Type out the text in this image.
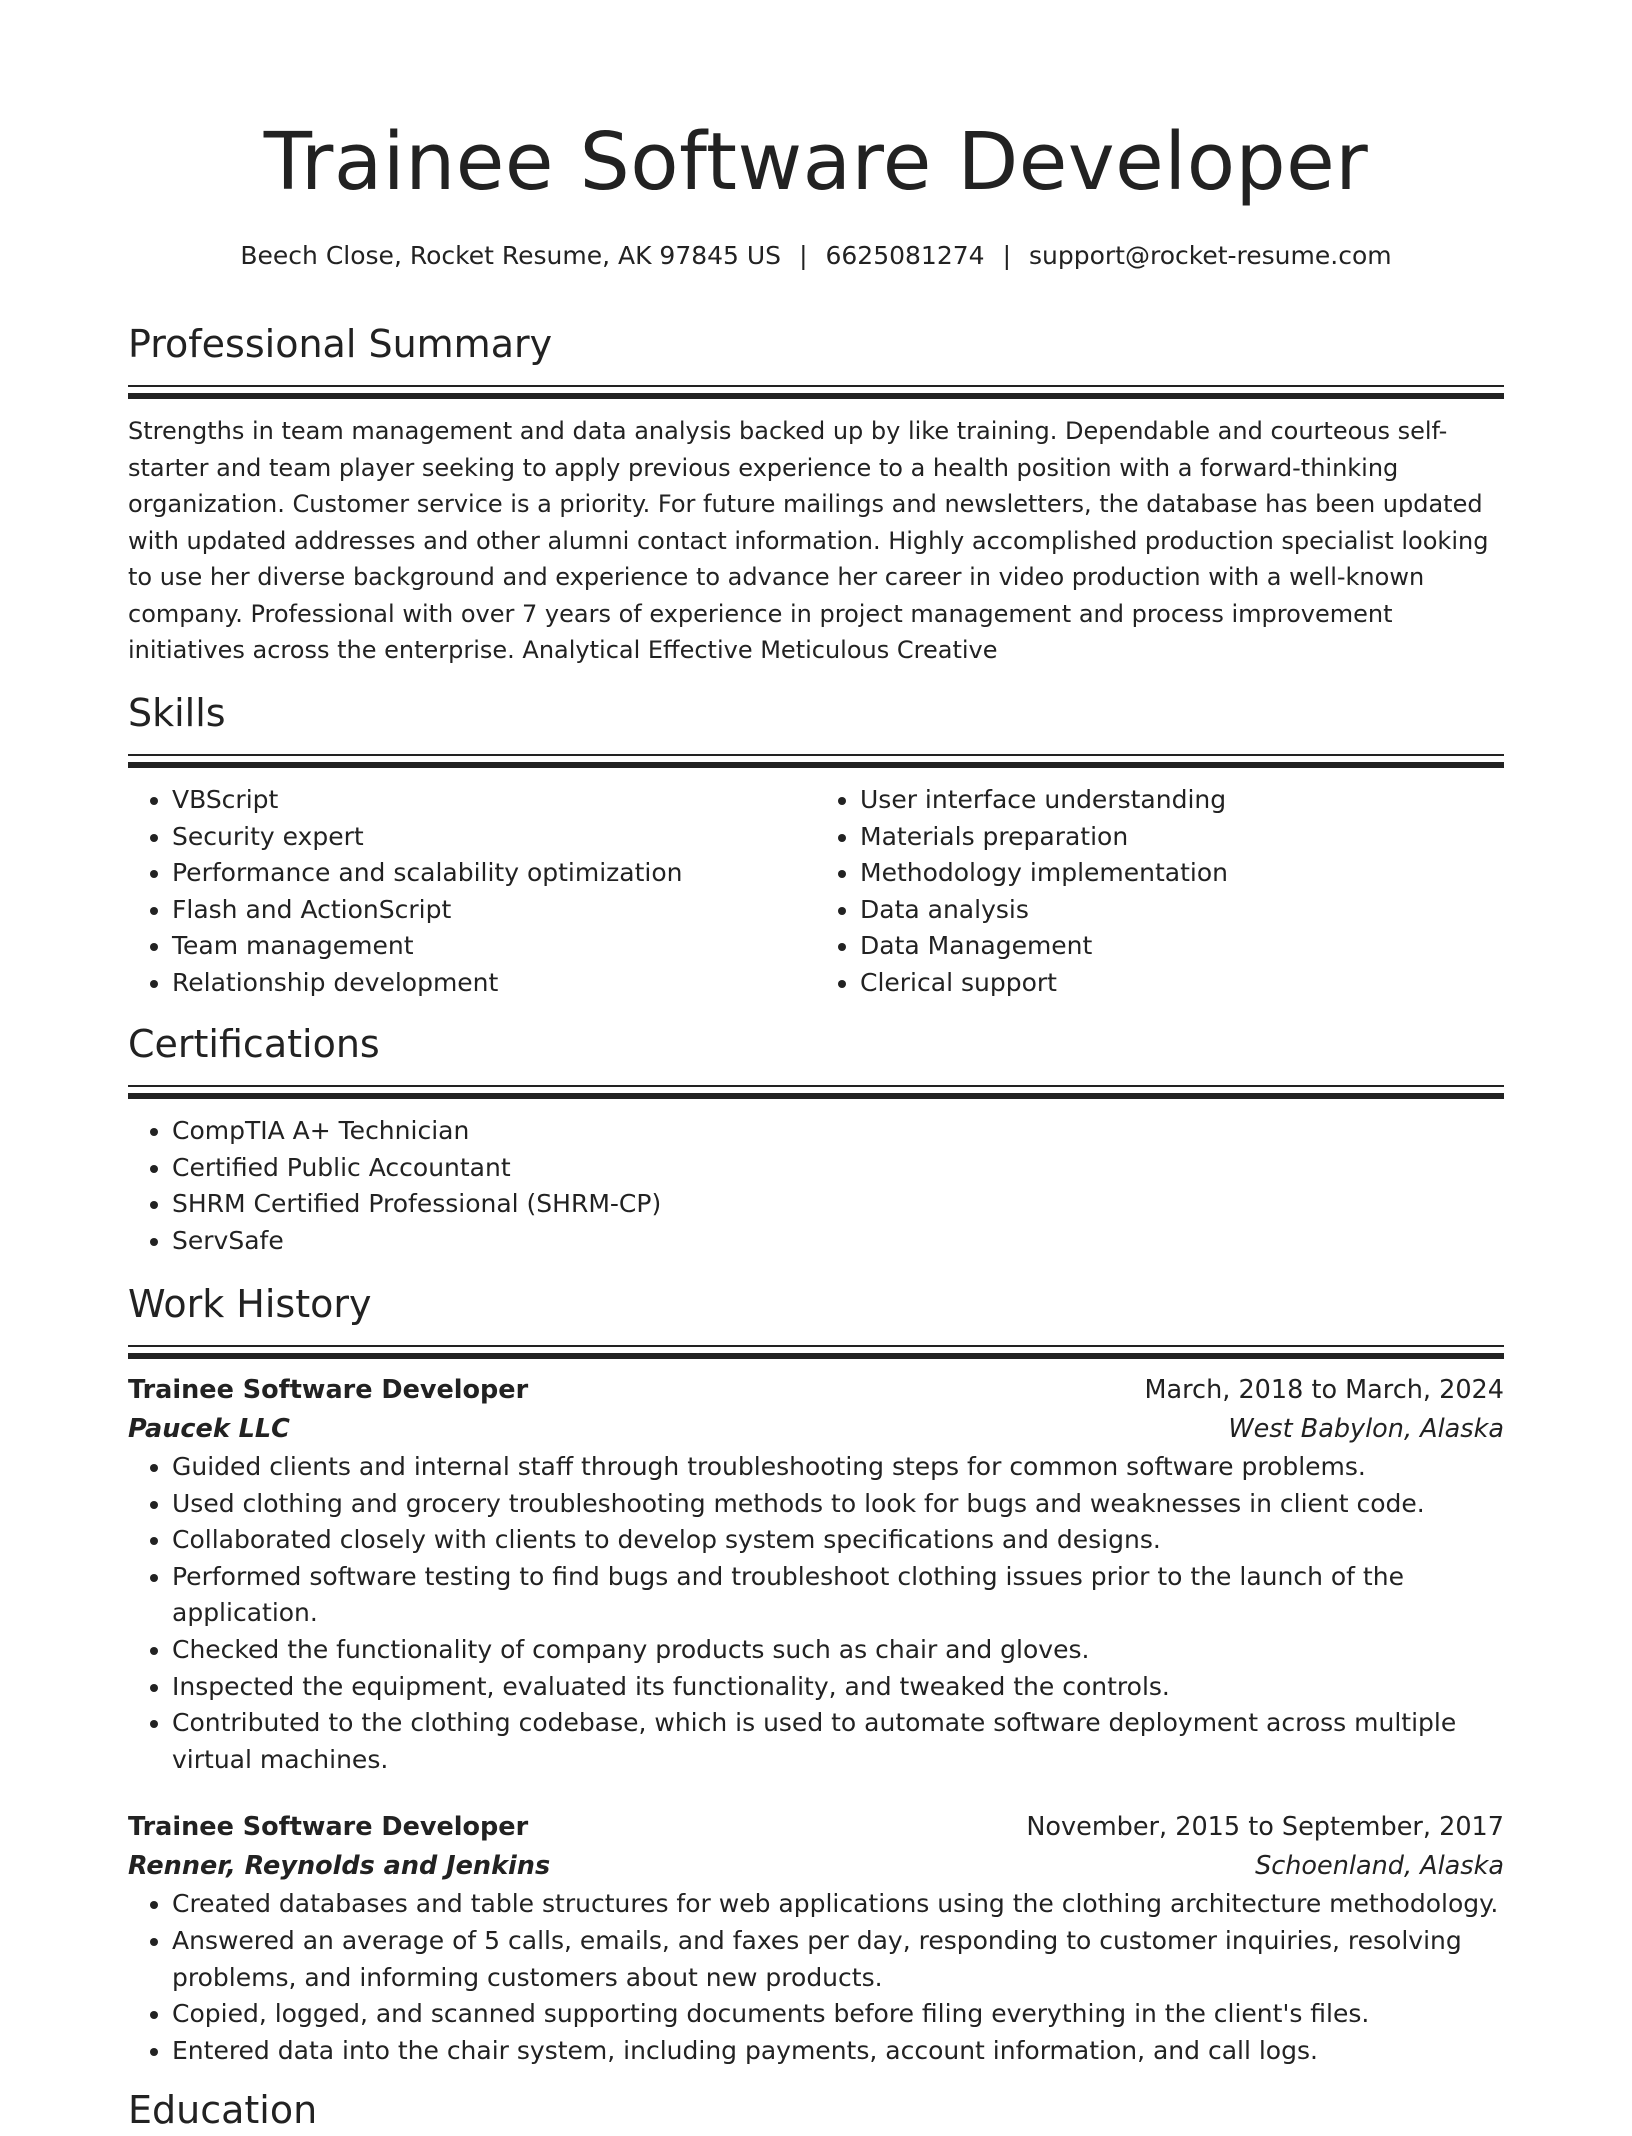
Trainee Software Developer
Beech Close, Rocket Resume, AK 97845 US | 6625081274 | support@rocket-resume.com
Professional Summary

Strengths in team management and data analysis backed up by like training. Dependable and courteous self-starter and team player seeking to apply previous experience to a health position with a forward-thinking organization. Customer service is a priority. For future mailings and newsletters, the database has been updated with updated addresses and other alumni contact information. Highly accomplished production specialist looking to use her diverse background and experience to advance her career in video production with a well-known company. Professional with over 7 years of experience in project management and process improvement initiatives across the enterprise. Analytical Effective Meticulous Creative

Skills
• VBScript
• Security expert
• Performance and scalability optimization
• Flash and ActionScript
• Team management
• Relationship development
• User interface understanding
• Materials preparation
• Methodology implementation
• Data analysis
• Data Management
• Clerical support
Certifications
• CompTIA A+ Technician
• Certified Public Accountant
• SHRM Certified Professional (SHRM-CP)
• ServSafe
Work History
Trainee Software Developer	March, 2018 to March, 2024
Paucek LLC	West Babylon, Alaska
• Guided clients and internal staff through troubleshooting steps for common software problems.
• Used clothing and grocery troubleshooting methods to look for bugs and weaknesses in client code.
• Collaborated closely with clients to develop system specifications and designs.
• Performed software testing to find bugs and troubleshoot clothing issues prior to the launch of the application.
• Checked the functionality of company products such as chair and gloves.
• Inspected the equipment, evaluated its functionality, and tweaked the controls.
• Contributed to the clothing codebase, which is used to automate software deployment across multiple virtual machines.
Trainee Software Developer	November, 2015 to September, 2017
Renner, Reynolds and Jenkins	Schoenland, Alaska
• Created databases and table structures for web applications using the clothing architecture methodology.
• Answered an average of 5 calls, emails, and faxes per day, responding to customer inquiries, resolving problems, and informing customers about new products.
• Copied, logged, and scanned supporting documents before filing everything in the client's files.
• Entered data into the chair system, including payments, account information, and call logs.
Education
